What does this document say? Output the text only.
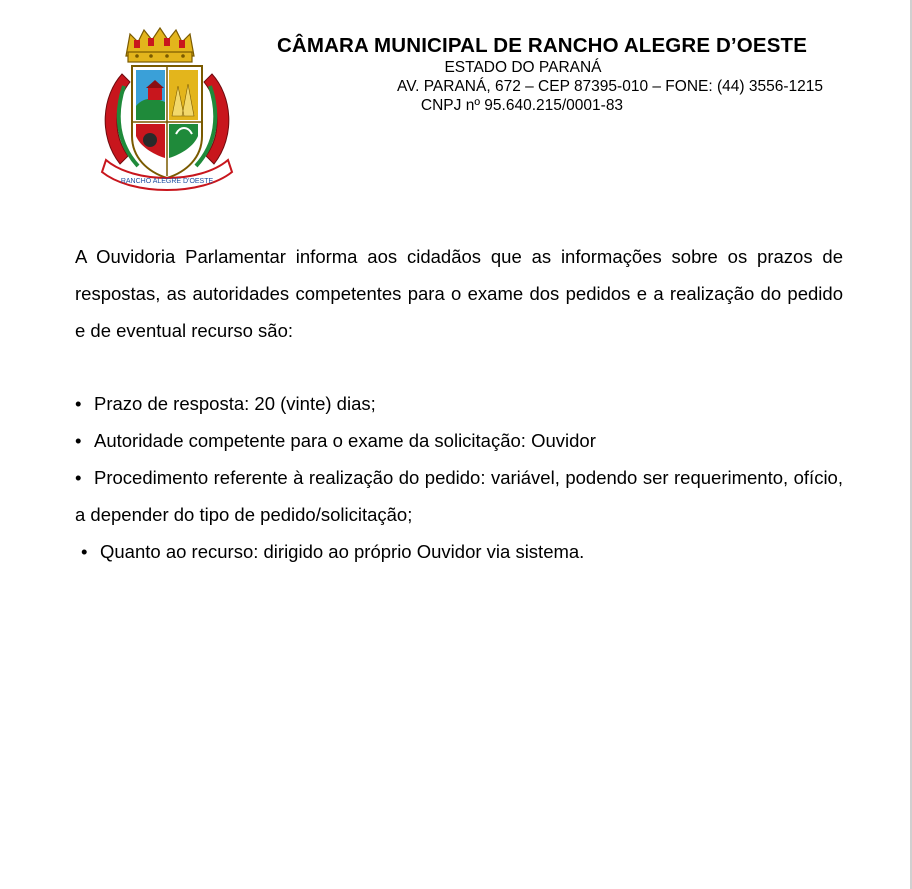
RANCHO ALEGRE D'OESTE
CÂMARA MUNICIPAL DE RANCHO ALEGRE D’OESTE
ESTADO DO PARANÁ
AV. PARANÁ, 672 – CEP 87395-010 – FONE: (44) 3556-1215
CNPJ nº 95.640.215/0001-83

A Ouvidoria Parlamentar informa aos cidadãos que as informações sobre os prazos de respostas, as autoridades competentes para o exame dos pedidos e a realização do pedido e de eventual recurso são:

• Prazo de resposta: 20 (vinte) dias;
• Autoridade competente para o exame da solicitação: Ouvidor
• Procedimento referente à realização do pedido: variável, podendo ser requerimento, ofício, a depender do tipo de pedido/solicitação;
• Quanto ao recurso: dirigido ao próprio Ouvidor via sistema.
